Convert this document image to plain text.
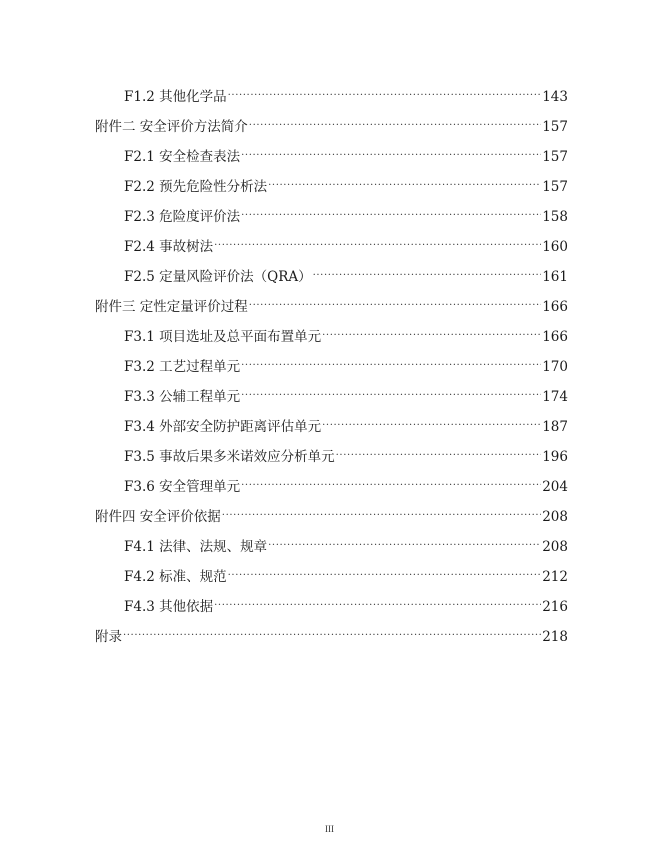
F1.2 其他化学品 .....	143
附件二 安全评价方法简介 .....	157
F2.1 安全检查表法 .....	157
F2.2 预先危险性分析法 .....	157
F2.3 危险度评价法 .....	158
F2.4 事故树法 .....	160
F2.5 定量风险评价法（QRA） .....	161
附件三 定性定量评价过程 .....	166
F3.1 项目选址及总平面布置单元 .....	166
F3.2 工艺过程单元 .....	170
F3.3 公辅工程单元 .....	174
F3.4 外部安全防护距离评估单元 .....	187
F3.5 事故后果多米诺效应分析单元 .....	196
F3.6 安全管理单元 .....	204
附件四 安全评价依据 .....	208
F4.1 法律、法规、规章 .....	208
F4.2 标准、规范 .....	212
F4.3 其他依据 .....	216
附录 .....	218
III
